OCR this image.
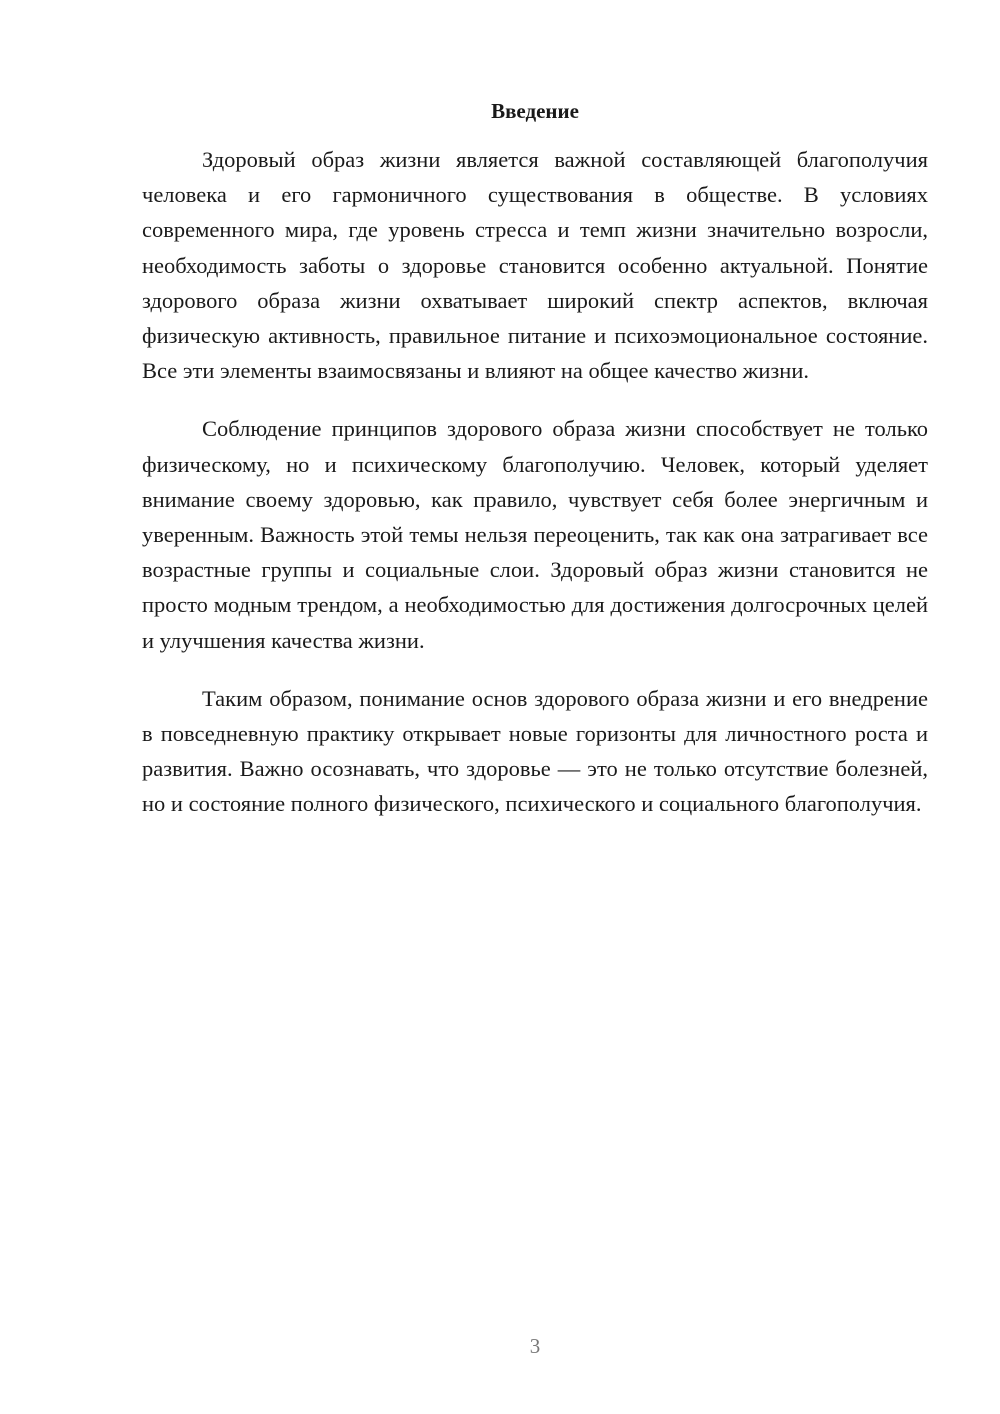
Введение

Здоровый образ жизни является важной составляющей благополучия человека и его гармоничного существования в обществе. В условиях современного мира, где уровень стресса и темп жизни значительно возросли, необходимость заботы о здоровье становится особенно актуальной. Понятие здорового образа жизни охватывает широкий спектр аспектов, включая физическую активность, правильное питание и психоэмоциональное состояние. Все эти элементы взаимосвязаны и влияют на общее качество жизни.

Соблюдение принципов здорового образа жизни способствует не только физическому, но и психическому благополучию. Человек, который уделяет внимание своему здоровью, как правило, чувствует себя более энергичным и уверенным. Важность этой темы нельзя переоценить, так как она затрагивает все возрастные группы и социальные слои. Здоровый образ жизни становится не просто модным трендом, а необходимостью для достижения долгосрочных целей и улучшения качества жизни.

Таким образом, понимание основ здорового образа жизни и его внедрение в повседневную практику открывает новые горизонты для личностного роста и развития. Важно осознавать, что здоровье — это не только отсутствие болезней, но и состояние полного физического, психического и социального благополучия.

3
